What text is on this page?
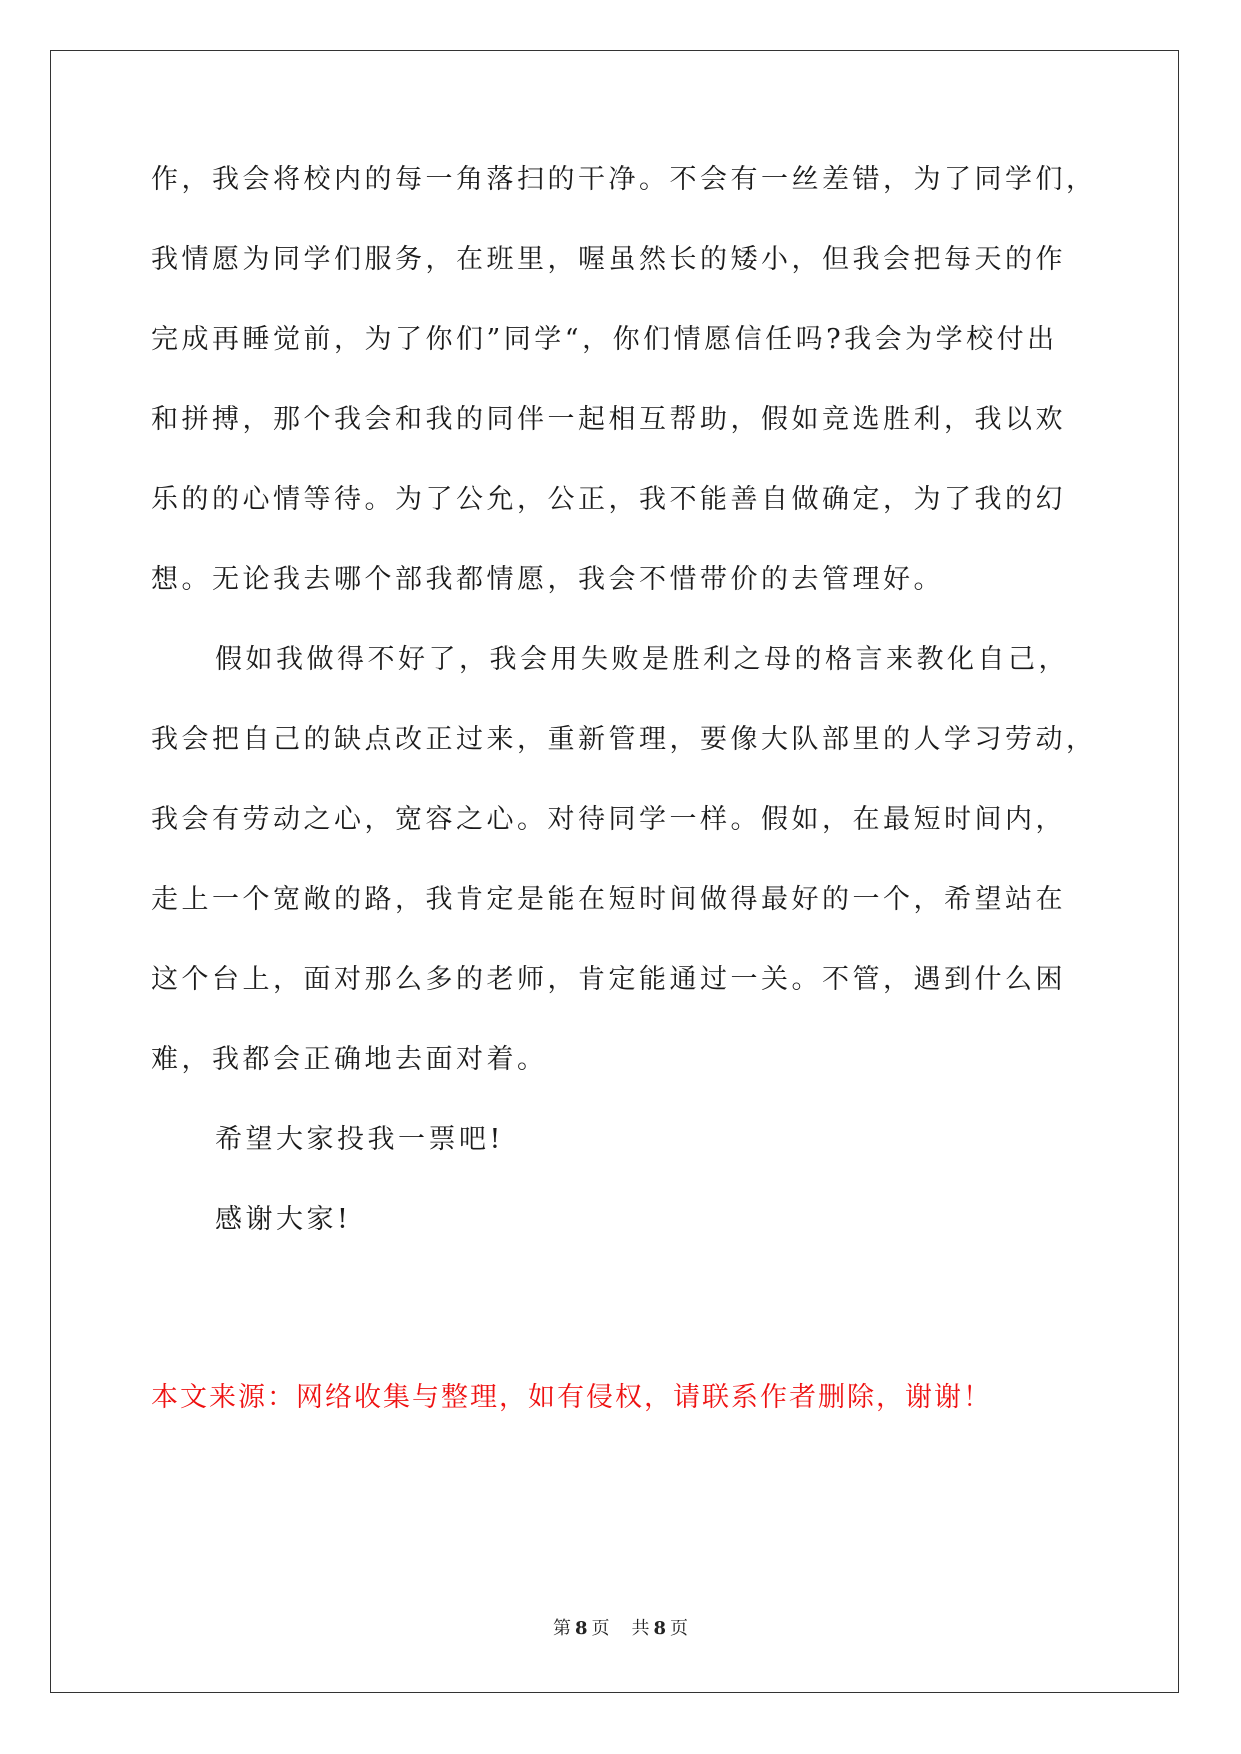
作，我会将校内的每一角落扫的干净。不会有一丝差错，为了同学们，
我情愿为同学们服务，在班里，喔虽然长的矮小，但我会把每天的作
完成再睡觉前，为了你们”同学“，你们情愿信任吗?我会为学校付出
和拼搏，那个我会和我的同伴一起相互帮助，假如竞选胜利，我以欢
乐的的心情等待。为了公允，公正，我不能善自做确定，为了我的幻
想。无论我去哪个部我都情愿，我会不惜带价的去管理好。
假如我做得不好了，我会用失败是胜利之母的格言来教化自己，
我会把自己的缺点改正过来，重新管理，要像大队部里的人学习劳动，
我会有劳动之心，宽容之心。对待同学一样。假如，在最短时间内，
走上一个宽敞的路，我肯定是能在短时间做得最好的一个，希望站在
这个台上，面对那么多的老师，肯定能通过一关。不管，遇到什么困
难，我都会正确地去面对着。
希望大家投我一票吧!
感谢大家!
本文来源：网络收集与整理，如有侵权，请联系作者删除，谢谢！
第 8 页 共 8 页
